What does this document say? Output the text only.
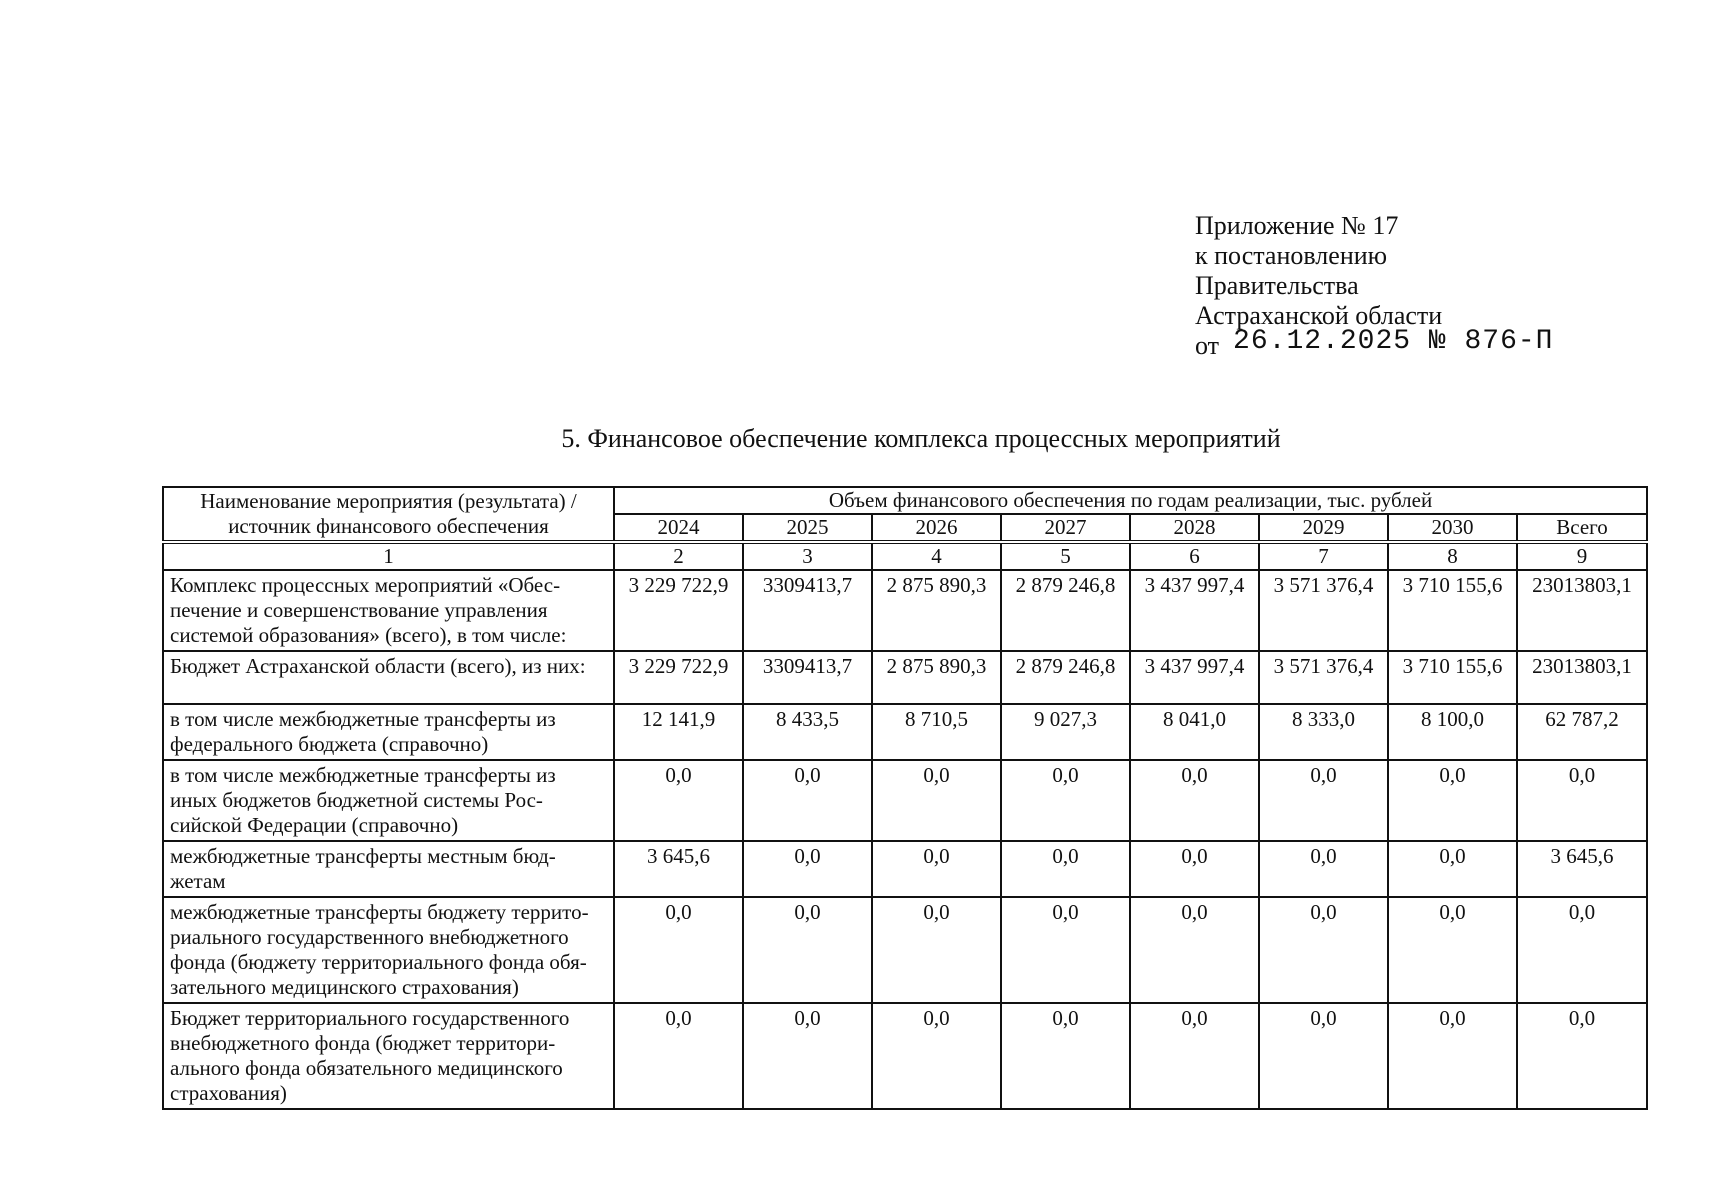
Приложение № 17
к постановлению
Правительства
Астраханской области
от 26.12.2025 № 876-П
5. Финансовое обеспечение комплекса процессных мероприятий
Наименование мероприятия (результата) / источник финансового обеспечения	Объем финансового обеспечения по годам реализации, тыс. рублей							
	2024	2025	2026	2027	2028	2029	2030	Всего
1	2	3	4	5	6	7	8	9
Комплекс процессных мероприятий «Обес-печение и совершенствование управления системой образования» (всего), в том числе:	3 229 722,9	3309413,7	2 875 890,3	2 879 246,8	3 437 997,4	3 571 376,4	3 710 155,6	23013803,1
Бюджет Астраханской области (всего), из них:	3 229 722,9	3309413,7	2 875 890,3	2 879 246,8	3 437 997,4	3 571 376,4	3 710 155,6	23013803,1
в том числе межбюджетные трансферты из федерального бюджета (справочно)	12 141,9	8 433,5	8 710,5	9 027,3	8 041,0	8 333,0	8 100,0	62 787,2
в том числе межбюджетные трансферты из иных бюджетов бюджетной системы Рос-сийской Федерации (справочно)	0,0	0,0	0,0	0,0	0,0	0,0	0,0	0,0
межбюджетные трансферты местным бюд-жетам	3 645,6	0,0	0,0	0,0	0,0	0,0	0,0	3 645,6
межбюджетные трансферты бюджету террито-риального государственного внебюджетного фонда (бюджету территориального фонда обя-зательного медицинского страхования)	0,0	0,0	0,0	0,0	0,0	0,0	0,0	0,0
Бюджет территориального государственного внебюджетного фонда (бюджет территори-ального фонда обязательного медицинского страхования)	0,0	0,0	0,0	0,0	0,0	0,0	0,0	0,0
